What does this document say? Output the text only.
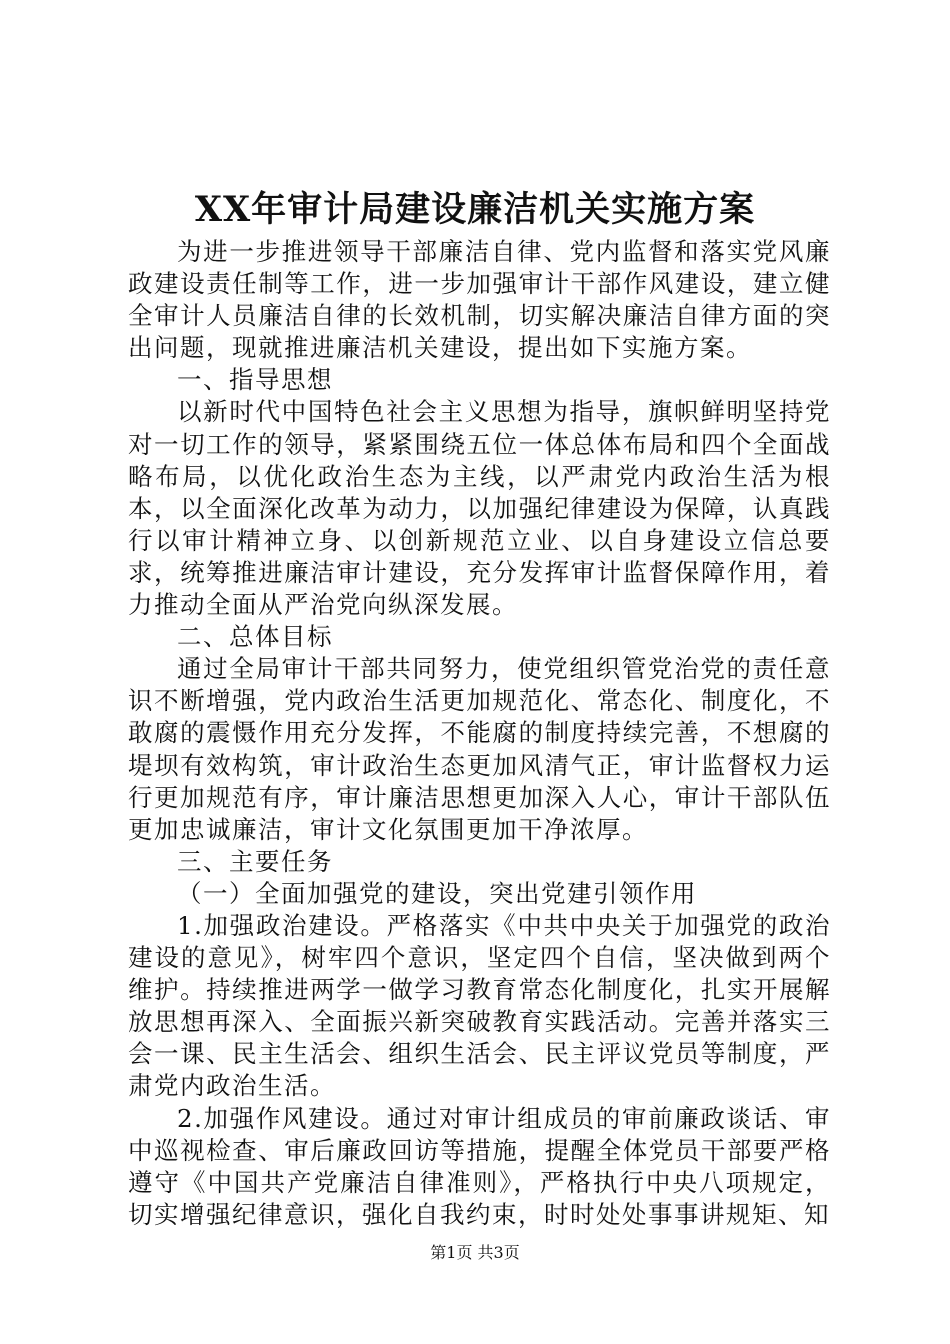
XX年审计局建设廉洁机关实施方案

为进一步推进领导干部廉洁自律、党内监督和落实党风廉政建设责任制等工作，进一步加强审计干部作风建设，建立健全审计人员廉洁自律的长效机制，切实解决廉洁自律方面的突出问题，现就推进廉洁机关建设，提出如下实施方案。

一、指导思想

以新时代中国特色社会主义思想为指导，旗帜鲜明坚持党对一切工作的领导，紧紧围绕五位一体总体布局和四个全面战略布局，以优化政治生态为主线，以严肃党内政治生活为根本，以全面深化改革为动力，以加强纪律建设为保障，认真践行以审计精神立身、以创新规范立业、以自身建设立信总要求，统筹推进廉洁审计建设，充分发挥审计监督保障作用，着力推动全面从严治党向纵深发展。

二、总体目标

通过全局审计干部共同努力，使党组织管党治党的责任意识不断增强，党内政治生活更加规范化、常态化、制度化，不敢腐的震慑作用充分发挥，不能腐的制度持续完善，不想腐的堤坝有效构筑，审计政治生态更加风清气正，审计监督权力运行更加规范有序，审计廉洁思想更加深入人心，审计干部队伍更加忠诚廉洁，审计文化氛围更加干净浓厚。

三、主要任务

（一）全面加强党的建设，突出党建引领作用

1.加强政治建设。严格落实《中共中央关于加强党的政治建设的意见》，树牢四个意识，坚定四个自信，坚决做到两个维护。持续推进两学一做学习教育常态化制度化，扎实开展解放思想再深入、全面振兴新突破教育实践活动。完善并落实三会一课、民主生活会、组织生活会、民主评议党员等制度，严肃党内政治生活。

2.加强作风建设。通过对审计组成员的审前廉政谈话、审中巡视检查、审后廉政回访等措施，提醒全体党员干部要严格遵守《中国共产党廉洁自律准则》，严格执行中央八项规定，切实增强纪律意识，强化自我约束，时时处处事事讲规矩、知

第1页 共3页
